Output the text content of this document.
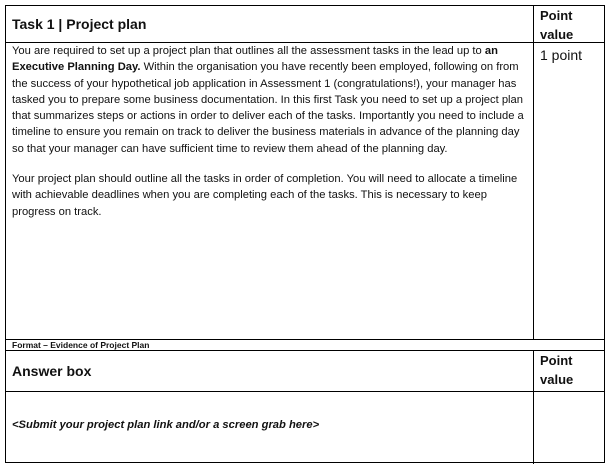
Task 1 | Project plan
Point
value

You are required to set up a project plan that outlines all the assessment tasks in the lead up to an Executive Planning Day. Within the organisation you have recently been employed, following on from the success of your hypothetical job application in Assessment 1 (congratulations!), your manager has tasked you to prepare some business documentation. In this first Task you need to set up a project plan that summarizes steps or actions in order to deliver each of the tasks. Importantly you need to include a timeline to ensure you remain on track to deliver the business materials in advance of the planning day so that your manager can have sufficient time to review them ahead of the planning day.

Your project plan should outline all the tasks in order of completion. You will need to allocate a timeline with achievable deadlines when you are completing each of the tasks. This is necessary to keep progress on track.

1 point
Format – Evidence of Project Plan
Answer box
Point
value
<Submit your project plan link and/or a screen grab here>
